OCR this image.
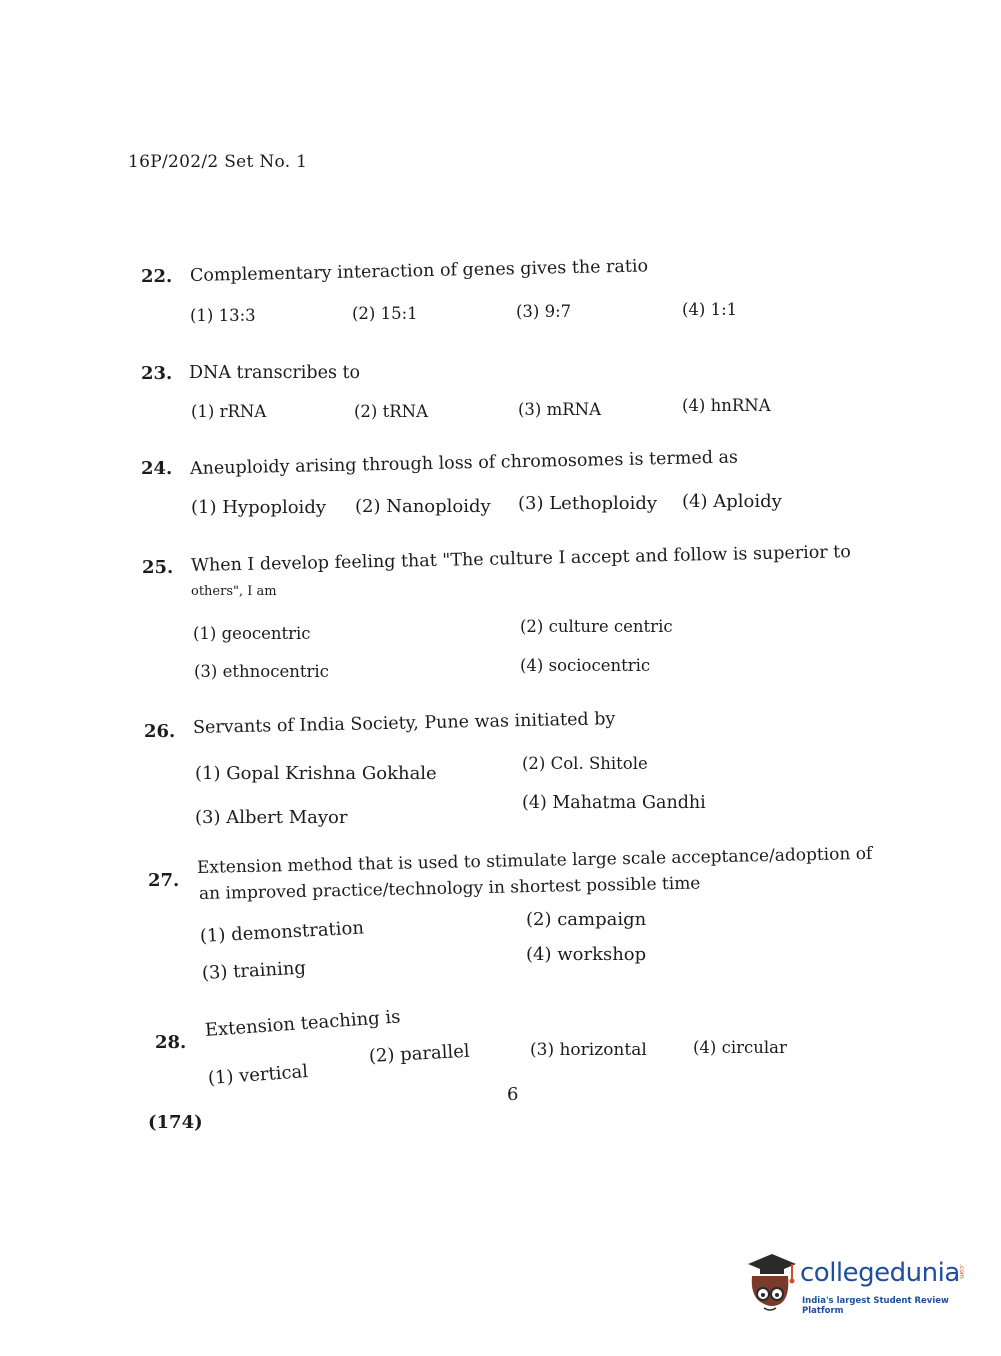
16P/202/2 Set No. 1
22. Complementary interaction of genes gives the ratio
(1) 13:3	(2) 15:1	(3) 9:7	(4) 1:1
23. DNA transcribes to
(1) rRNA	(2) tRNA	(3) mRNA	(4) hnRNA
24. Aneuploidy arising through loss of chromosomes is termed as
(1) Hypoploidy (2) Nanoploidy (3) Lethoploidy (4) Aploidy
25. When I develop feeling that "The culture I accept and follow is superior to
others", I am
(1) geocentric	(2) culture centric
(3) ethnocentric	(4) sociocentric
26. Servants of India Society, Pune was initiated by
(1) Gopal Krishna Gokhale	(2) Col. Shitole
(3) Albert Mayor
(4) Mahatma Gandhi
27.
Extension method that is used to stimulate large scale acceptance/adoption of
an improved practice/technology in shortest possible time
(1) demonstration	(2) campaign
(3) training
(4) workshop
28.
Extension teaching is
(1) vertical
(2) parallel	(3) horizontal	(4) circular
6
(174)
collegedunia
.com
India's largest Student Review Platform
